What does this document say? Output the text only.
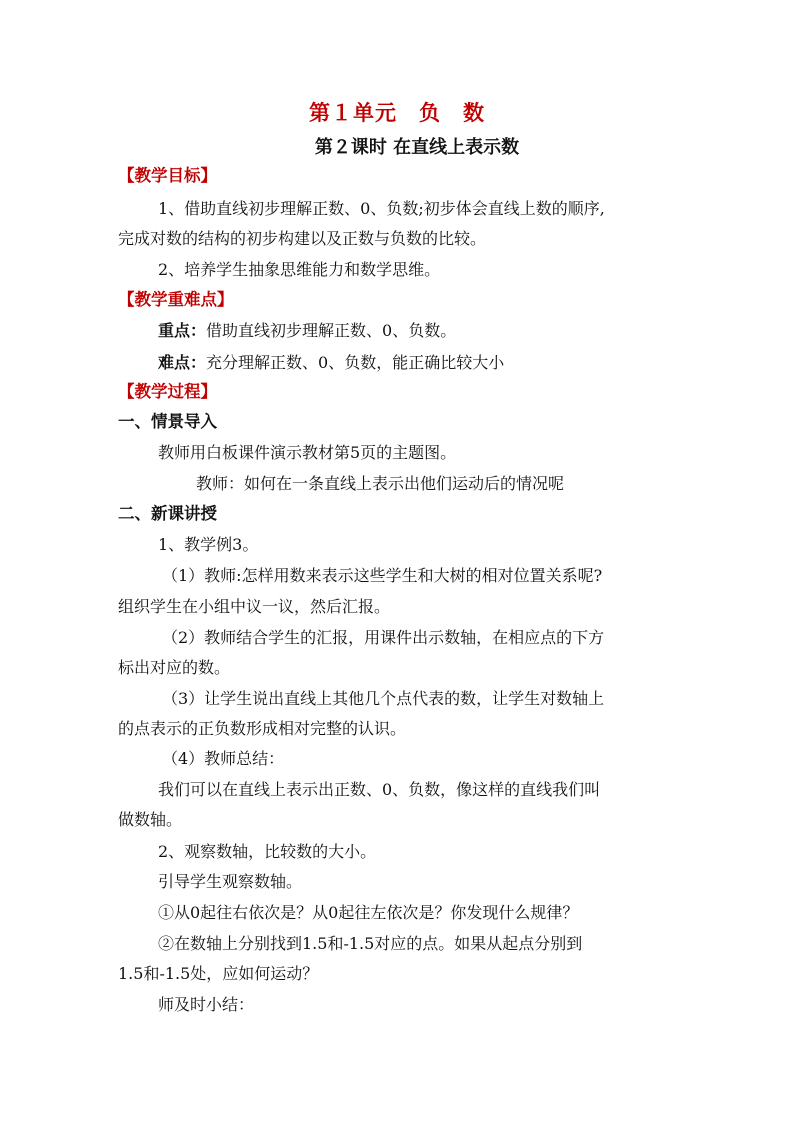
第１单元　负　数
第２课时 在直线上表示数
【教学目标】
1、借助直线初步理解正数、0、负数;初步体会直线上数的顺序,
完成对数的结构的初步构建以及正数与负数的比较。
2、培养学生抽象思维能力和数学思维。
【教学重难点】
重点：借助直线初步理解正数、0、负数。
难点：充分理解正数、0、负数，能正确比较大小
【教学过程】
一、情景导入
教师用白板课件演示教材第5页的主题图。
教师：如何在一条直线上表示出他们运动后的情况呢
二、新课讲授
1、教学例3。
（1）教师:怎样用数来表示这些学生和大树的相对位置关系呢?
组织学生在小组中议一议，然后汇报。
（2）教师结合学生的汇报，用课件出示数轴，在相应点的下方
标出对应的数。
（3）让学生说出直线上其他几个点代表的数，让学生对数轴上
的点表示的正负数形成相对完整的认识。
（4）教师总结：
我们可以在直线上表示出正数、0、负数，像这样的直线我们叫
做数轴。
2、观察数轴，比较数的大小。
引导学生观察数轴。
①从0起往右依次是？从0起往左依次是？你发现什么规律？
②在数轴上分别找到1.5和-1.5对应的点。如果从起点分别到
1.5和-1.5处，应如何运动？
师及时小结：
